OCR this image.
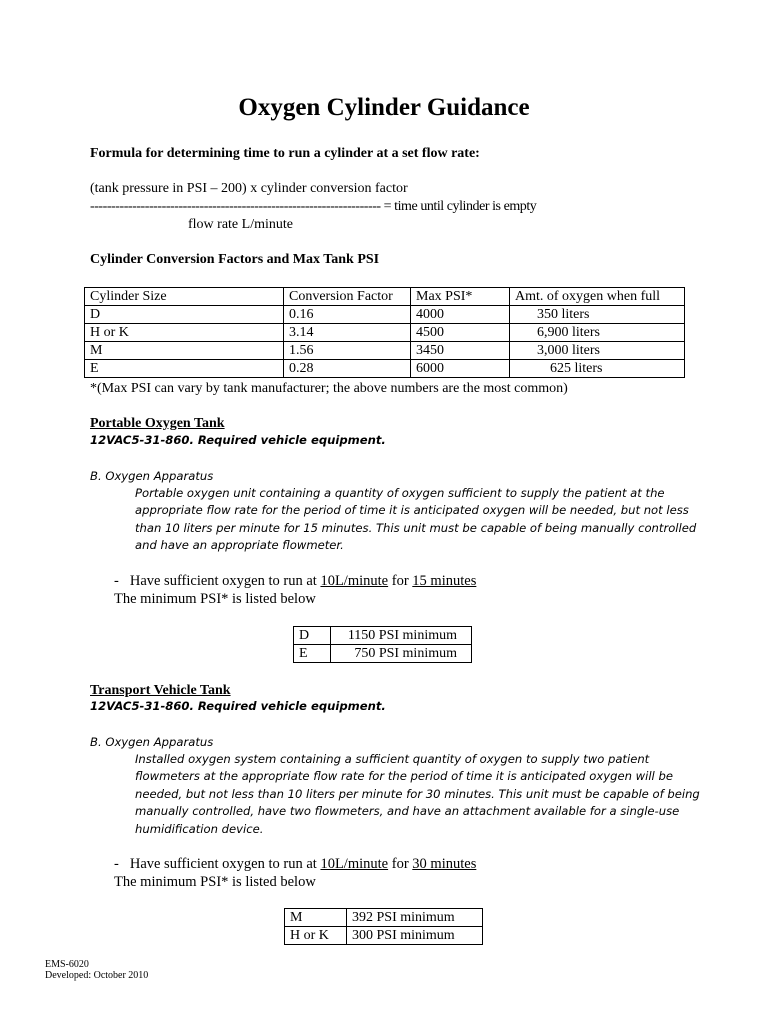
Oxygen Cylinder Guidance
Formula for determining time to run a cylinder at a set flow rate:
(tank pressure in PSI – 200) x cylinder conversion factor
--------------------------------------------------------------------- = time until cylinder is empty
flow rate L/minute
Cylinder Conversion Factors and Max Tank PSI
Cylinder Size	Conversion Factor	Max PSI*	Amt. of oxygen when full
D	0.16	4000	350 liters
H or K	3.14	4500	6,900 liters
M	1.56	3450	3,000 liters
E	0.28	6000	625 liters
*(Max PSI can vary by tank manufacturer; the above numbers are the most common)
Portable Oxygen Tank
12VAC5-31-860. Required vehicle equipment.
B. Oxygen Apparatus
Portable oxygen unit containing a quantity of oxygen sufficient to supply the patient at the
appropriate flow rate for the period of time it is anticipated oxygen will be needed, but not less
than 10 liters per minute for 15 minutes. This unit must be capable of being manually controlled
and have an appropriate flowmeter.
- Have sufficient oxygen to run at 10L/minute for 15 minutes
The minimum PSI* is listed below
D	1150 PSI minimum
E	750 PSI minimum
Transport Vehicle Tank
12VAC5-31-860. Required vehicle equipment.
B. Oxygen Apparatus
Installed oxygen system containing a sufficient quantity of oxygen to supply two patient
flowmeters at the appropriate flow rate for the period of time it is anticipated oxygen will be
needed, but not less than 10 liters per minute for 30 minutes. This unit must be capable of being
manually controlled, have two flowmeters, and have an attachment available for a single-use
humidification device.
- Have sufficient oxygen to run at 10L/minute for 30 minutes
The minimum PSI* is listed below
M	392 PSI minimum
H or K	300 PSI minimum
EMS-6020
Developed: October 2010
